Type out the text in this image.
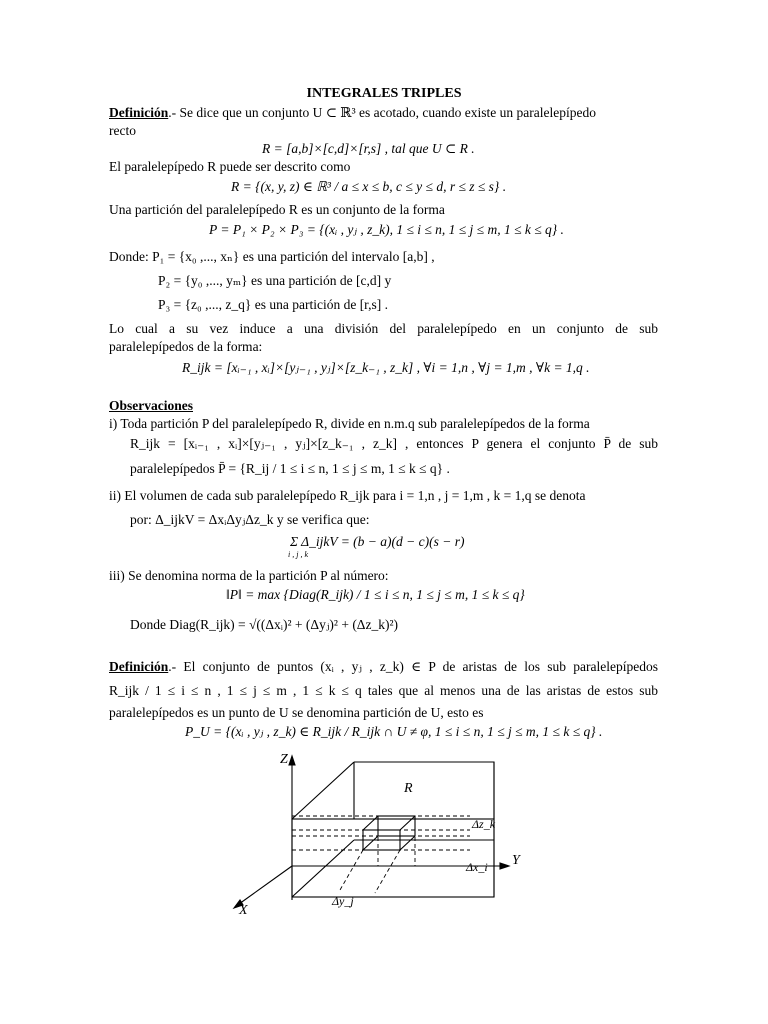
INTEGRALES TRIPLES
Definición.- Se dice que un conjunto U ⊂ ℝ³ es acotado, cuando existe un paralelepípedo
recto
R = [a,b]×[c,d]×[r,s] , tal que U ⊂ R .
El paralelepípedo R puede ser descrito como
R = {(x, y, z) ∈ ℝ³ / a ≤ x ≤ b, c ≤ y ≤ d, r ≤ z ≤ s} .
Una partición del paralelepípedo R es un conjunto de la forma
P = P₁ × P₂ × P₃ = {(xᵢ , yⱼ , z_k), 1 ≤ i ≤ n, 1 ≤ j ≤ m, 1 ≤ k ≤ q} .
Donde: P₁ = {x₀ ,..., xₙ} es una partición del intervalo [a,b] ,
P₂ = {y₀ ,..., yₘ} es una partición de [c,d] y
P₃ = {z₀ ,..., z_q} es una partición de [r,s] .
Lo cual a su vez induce a una división del paralelepípedo en un conjunto de sub
paralelepípedos de la forma:
R_ijk = [xᵢ₋₁ , xᵢ]×[yⱼ₋₁ , yⱼ]×[z_k₋₁ , z_k] , ∀i = 1,n , ∀j = 1,m , ∀k = 1,q .
Observaciones
i) Toda partición P del paralelepípedo R, divide en n.m.q sub paralelepípedos de la forma
R_ijk = [xᵢ₋₁ , xᵢ]×[yⱼ₋₁ , yⱼ]×[z_k₋₁ , z_k] , entonces P genera el conjunto P̄ de sub
paralelepípedos P̄ = {R_ij / 1 ≤ i ≤ n, 1 ≤ j ≤ m, 1 ≤ k ≤ q} .
ii) El volumen de cada sub paralelepípedo R_ijk para i = 1,n , j = 1,m , k = 1,q se denota
por: Δ_ijkV = ΔxᵢΔyⱼΔz_k y se verifica que:
Σ Δ_ijkV = (b − a)(d − c)(s − r)
i , j , k
iii) Se denomina norma de la partición P al número:
‖P‖ = max {Diag(R_ijk) / 1 ≤ i ≤ n, 1 ≤ j ≤ m, 1 ≤ k ≤ q}
Donde Diag(R_ijk) = √((Δxᵢ)² + (Δyⱼ)² + (Δz_k)²)
Definición.- El conjunto de puntos (xᵢ , yⱼ , z_k) ∈ P de aristas de los sub paralelepípedos
R_ijk / 1 ≤ i ≤ n , 1 ≤ j ≤ m , 1 ≤ k ≤ q tales que al menos una de las aristas de estos sub
paralelepípedos es un punto de U se denomina partición de U, esto es
P_U = {(xᵢ , yⱼ , z_k) ∈ R_ijk / R_ijk ∩ U ≠ φ, 1 ≤ i ≤ n, 1 ≤ j ≤ m, 1 ≤ k ≤ q} .
Z
Y
X
R
Δz_k
Δx_i
Δy_j
